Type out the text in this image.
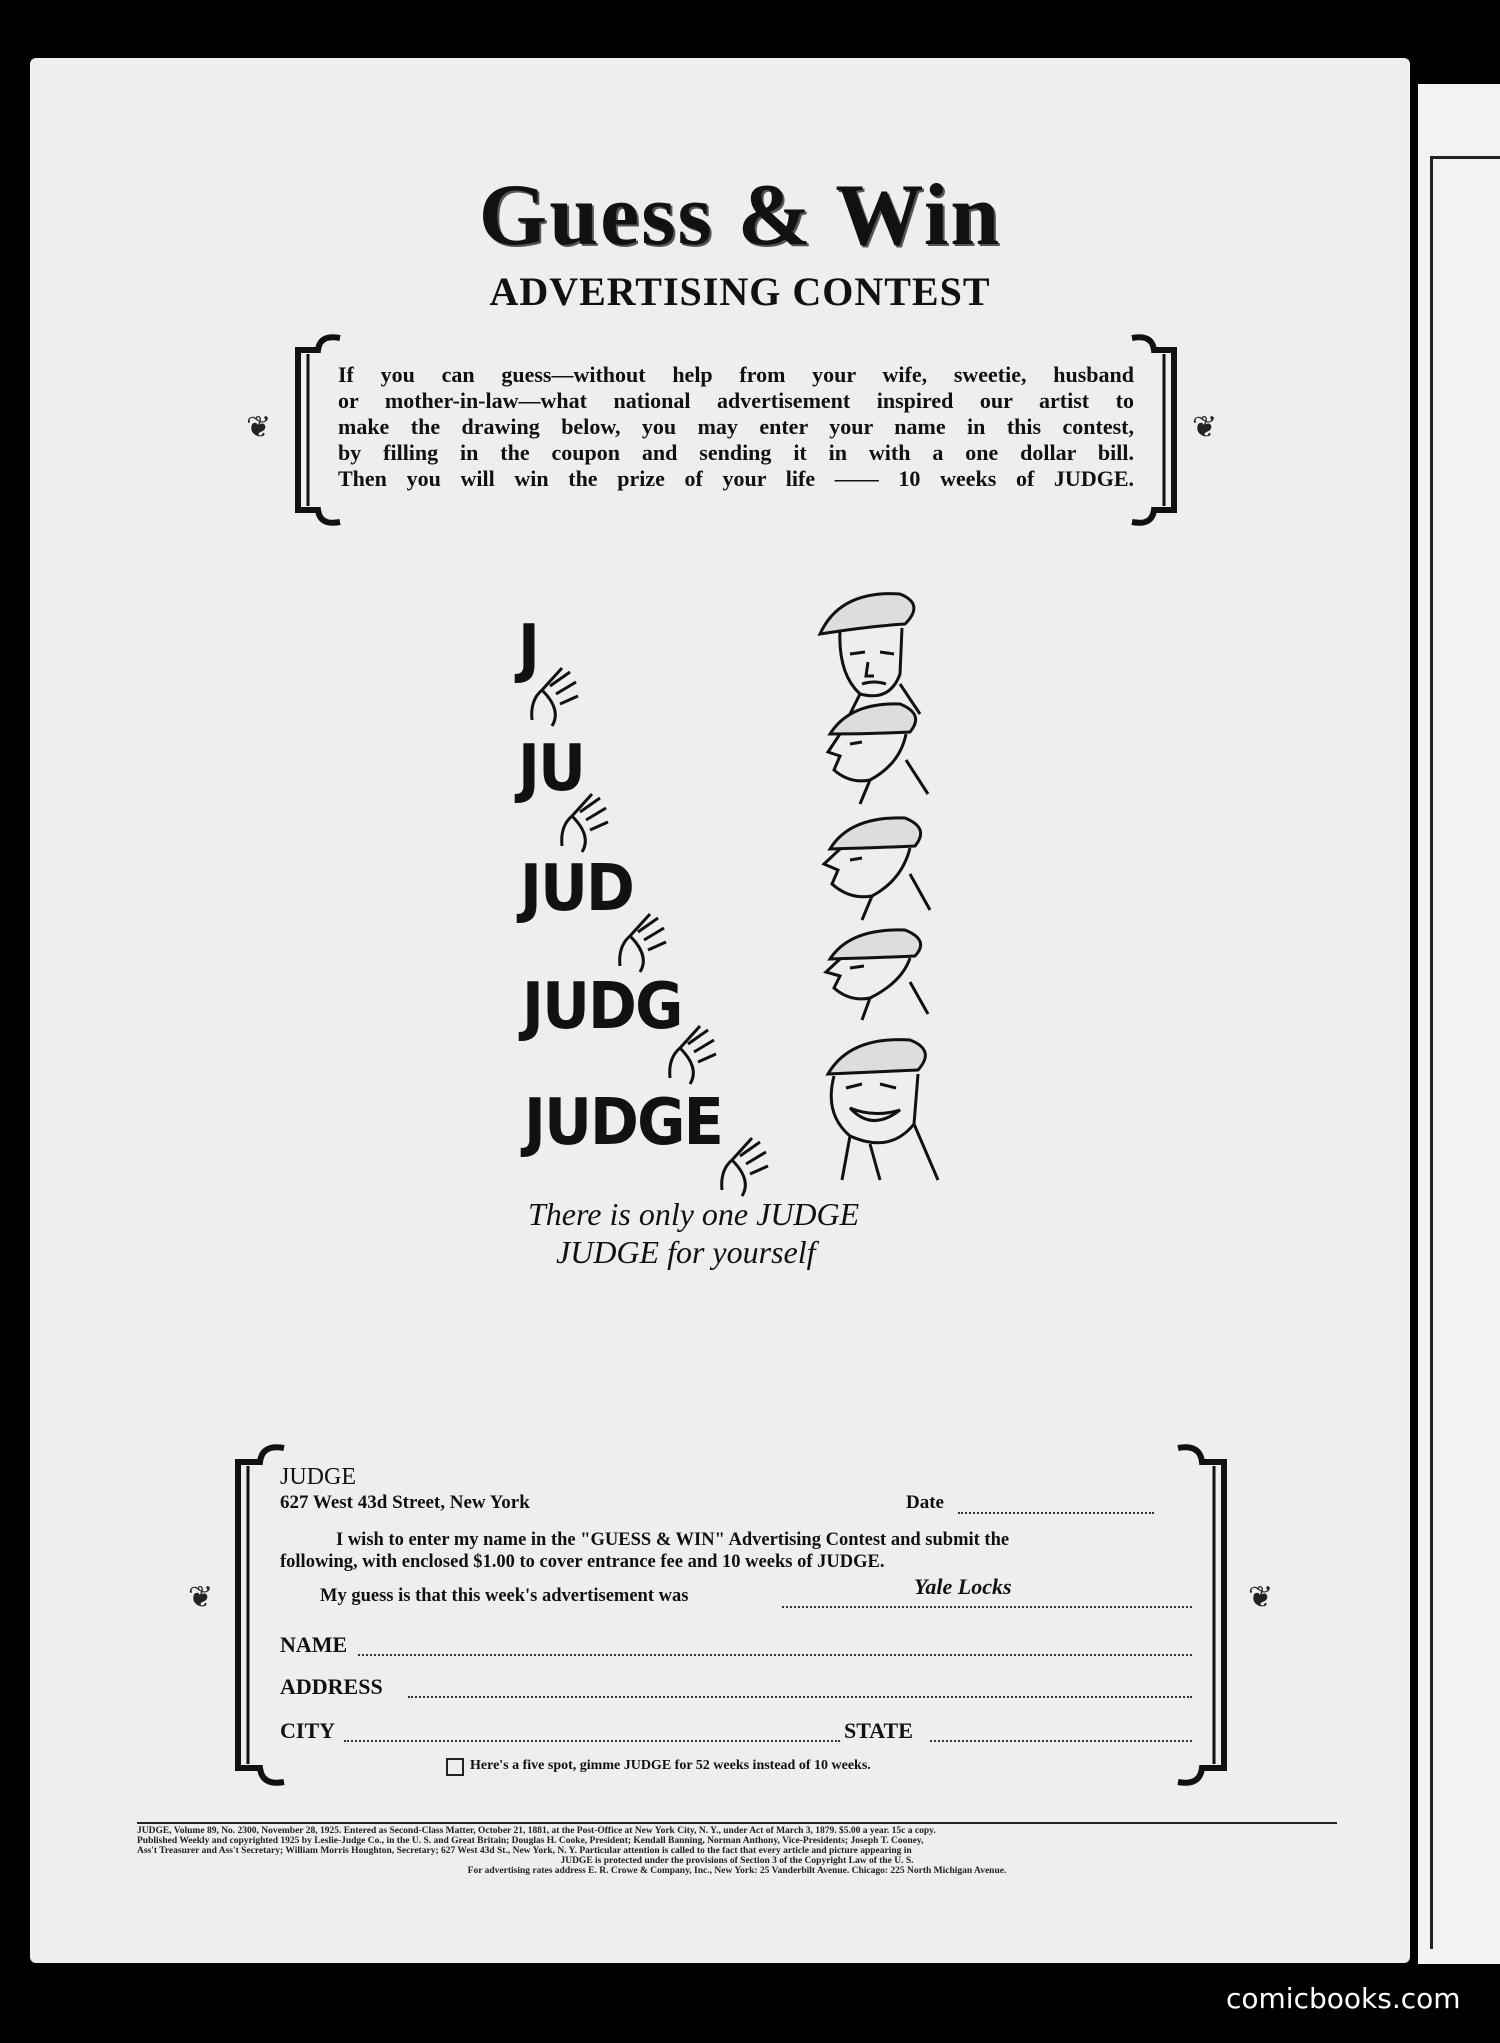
Guess & Win
ADVERTISING CONTEST
❦	❦
If you can guess—without help from your wife, sweetie, husband
or mother-in-law—what national advertisement inspired our artist to
make the drawing below, you may enter your name in this contest,
by filling in the coupon and sending it in with a one dollar bill.
Then you will win the prize of your life —— 10 weeks of JUDGE.
J
JU
JUD
JUDG
JUDGE
There is only one JUDGE
JUDGE for yourself
❦	❦
JUDGE
627 West 43d Street, New York	Date
I wish to enter my name in the "GUESS & WIN" Advertising Contest and submit the
following, with enclosed $1.00 to cover entrance fee and 10 weeks of JUDGE.
My guess is that this week's advertisement was	Yale Locks
NAME
ADDRESS
CITY	STATE
Here's a five spot, gimme JUDGE for 52 weeks instead of 10 weeks.
JUDGE, Volume 89, No. 2300, November 28, 1925. Entered as Second-Class Matter, October 21, 1881, at the Post-Office at New York City, N. Y., under Act of March 3, 1879. $5.00 a year. 15c a copy.
Published Weekly and copyrighted 1925 by Leslie-Judge Co., in the U. S. and Great Britain; Douglas H. Cooke, President; Kendall Banning, Norman Anthony, Vice-Presidents; Joseph T. Cooney,
Ass't Treasurer and Ass't Secretary; William Morris Houghton, Secretary; 627 West 43d St., New York, N. Y. Particular attention is called to the fact that every article and picture appearing in
JUDGE is protected under the provisions of Section 3 of the Copyright Law of the U. S.
For advertising rates address E. R. Crowe & Company, Inc., New York: 25 Vanderbilt Avenue. Chicago: 225 North Michigan Avenue.
comicbooks.com
